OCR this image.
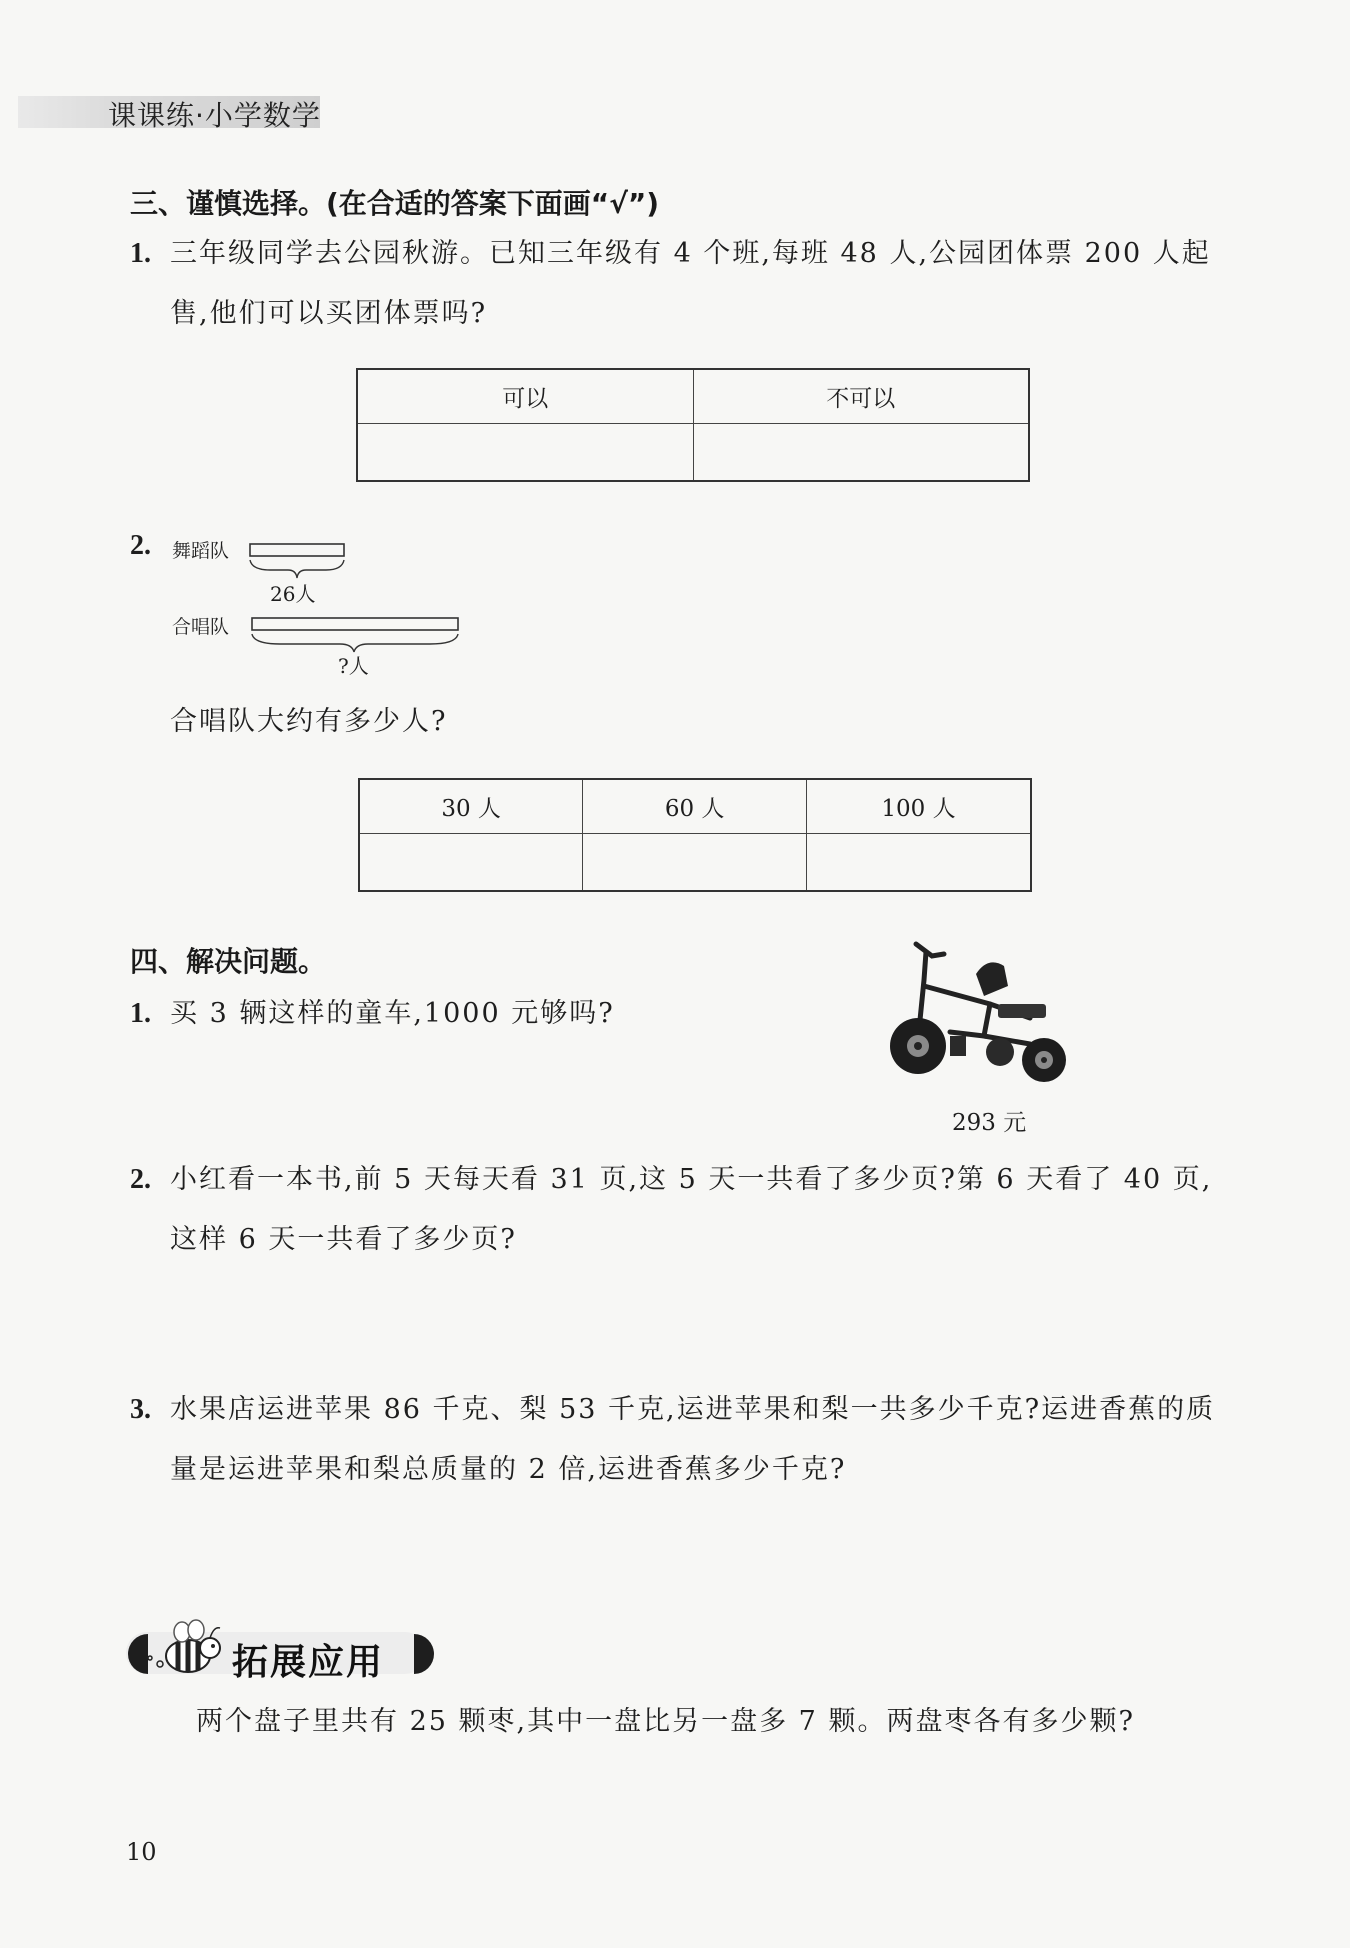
课课练·小学数学
三、谨慎选择。(在合适的答案下面画“√”)
1. 三年级同学去公园秋游。已知三年级有 4 个班,每班 48 人,公园团体票 200 人起售,他们可以买团体票吗?
可以	不可以

2. 舞蹈队
26人
合唱队
?人
合唱队大约有多少人?
30 人	60 人	100 人

四、解决问题。
1. 买 3 辆这样的童车,1000 元够吗?
293 元
2. 小红看一本书,前 5 天每天看 31 页,这 5 天一共看了多少页?第 6 天看了 40 页,这样 6 天一共看了多少页?
3. 水果店运进苹果 86 千克、梨 53 千克,运进苹果和梨一共多少千克?运进香蕉的质量是运进苹果和梨总质量的 2 倍,运进香蕉多少千克?
拓展应用
两个盘子里共有 25 颗枣,其中一盘比另一盘多 7 颗。两盘枣各有多少颗?
10
